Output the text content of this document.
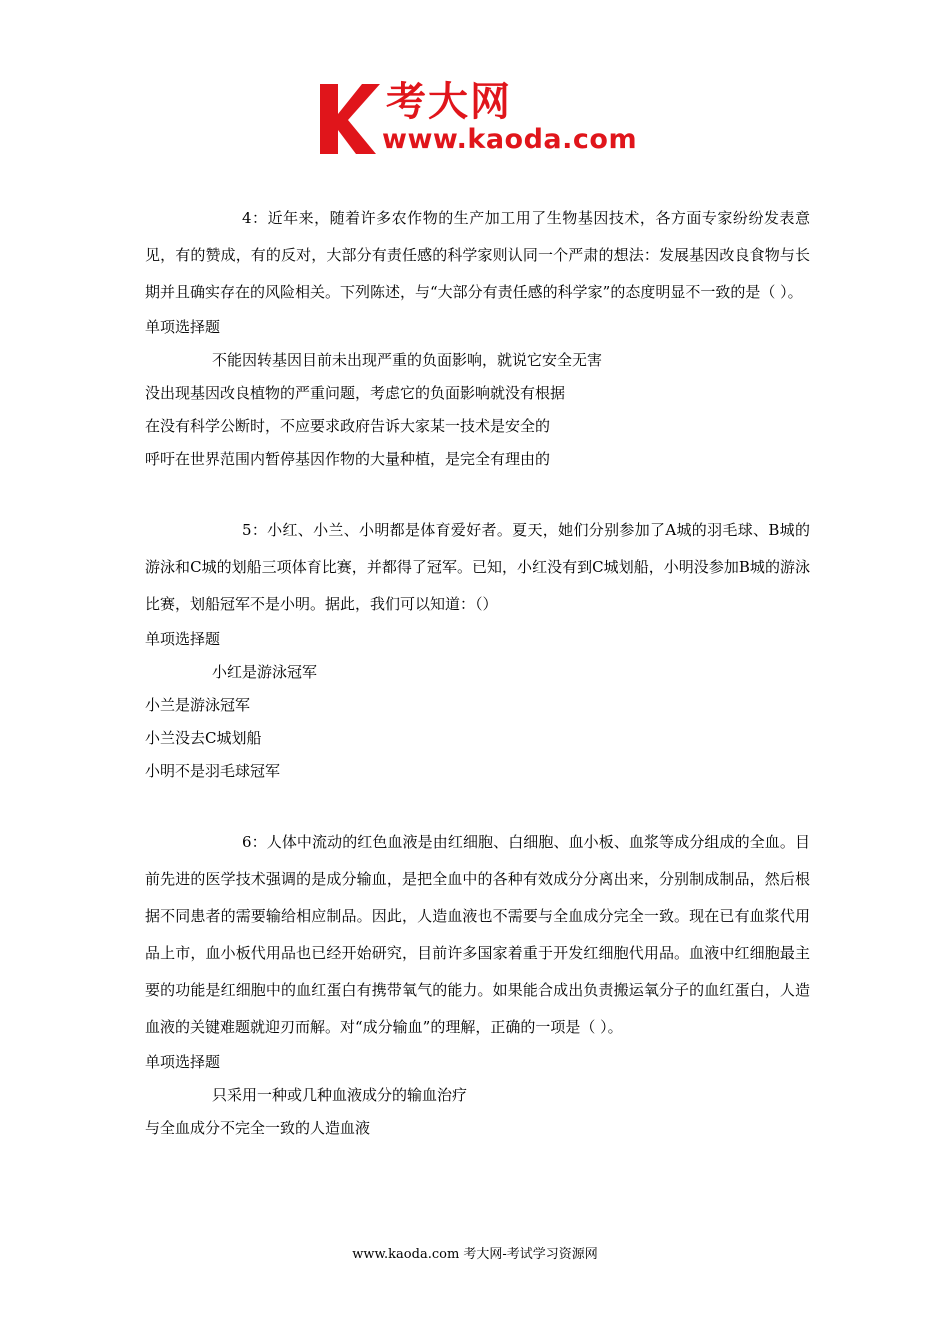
考大网
www.kaoda.com

4：近年来，随着许多农作物的生产加工用了生物基因技术，各方面专家纷纷发表意见，有的赞成，有的反对，大部分有责任感的科学家则认同一个严肃的想法：发展基因改良食物与长期并且确实存在的风险相关。下列陈述，与“大部分有责任感的科学家”的态度明显不一致的是（ ）。

单项选择题

不能因转基因目前未出现严重的负面影响，就说它安全无害

没出现基因改良植物的严重问题，考虑它的负面影响就没有根据

在没有科学公断时，不应要求政府告诉大家某一技术是安全的

呼吁在世界范围内暂停基因作物的大量种植，是完全有理由的

5：小红、小兰、小明都是体育爱好者。夏天，她们分别参加了A城的羽毛球、B城的游泳和C城的划船三项体育比赛，并都得了冠军。已知，小红没有到C城划船，小明没参加B城的游泳比赛，划船冠军不是小明。据此，我们可以知道：（）

单项选择题

小红是游泳冠军

小兰是游泳冠军

小兰没去C城划船

小明不是羽毛球冠军

6：人体中流动的红色血液是由红细胞、白细胞、血小板、血浆等成分组成的全血。目前先进的医学技术强调的是成分输血，是把全血中的各种有效成分分离出来，分别制成制品，然后根据不同患者的需要输给相应制品。因此，人造血液也不需要与全血成分完全一致。现在已有血浆代用品上市，血小板代用品也已经开始研究，目前许多国家着重于开发红细胞代用品。血液中红细胞最主要的功能是红细胞中的血红蛋白有携带氧气的能力。如果能合成出负责搬运氧分子的血红蛋白，人造血液的关键难题就迎刃而解。对“成分输血”的理解，正确的一项是（ ）。

单项选择题

只采用一种或几种血液成分的输血治疗

与全血成分不完全一致的人造血液

www.kaoda.com 考大网-考试学习资源网
